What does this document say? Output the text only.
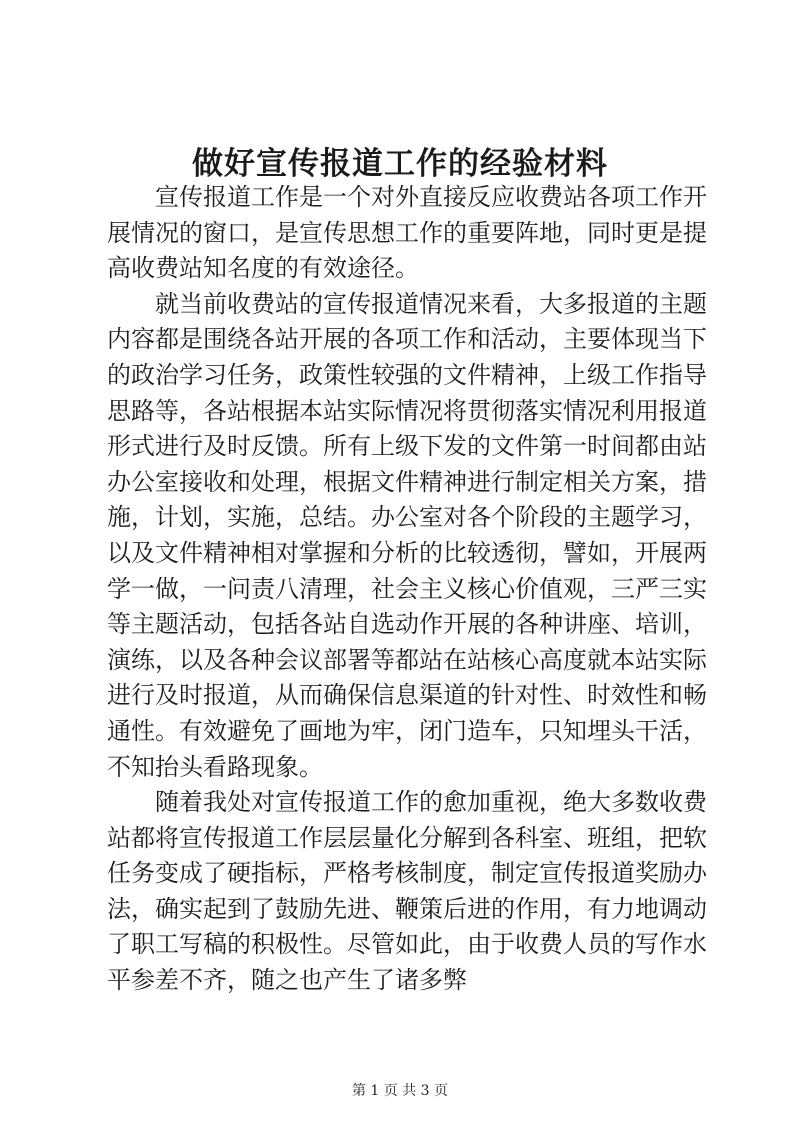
做好宣传报道工作的经验材料

宣传报道工作是一个对外直接反应收费站各项工作开展情况的窗口，是宣传思想工作的重要阵地，同时更是提高收费站知名度的有效途径。

就当前收费站的宣传报道情况来看，大多报道的主题内容都是围绕各站开展的各项工作和活动，主要体现当下的政治学习任务，政策性较强的文件精神，上级工作指导思路等，各站根据本站实际情况将贯彻落实情况利用报道形式进行及时反馈。所有上级下发的文件第一时间都由站办公室接收和处理，根据文件精神进行制定相关方案，措施，计划，实施，总结。办公室对各个阶段的主题学习，以及文件精神相对掌握和分析的比较透彻，譬如，开展两学一做，一问责八清理，社会主义核心价值观，三严三实等主题活动，包括各站自选动作开展的各种讲座、培训，演练，以及各种会议部署等都站在站核心高度就本站实际进行及时报道，从而确保信息渠道的针对性、时效性和畅通性。有效避免了画地为牢，闭门造车，只知埋头干活，不知抬头看路现象。

随着我处对宣传报道工作的愈加重视，绝大多数收费站都将宣传报道工作层层量化分解到各科室、班组，把软任务变成了硬指标，严格考核制度，制定宣传报道奖励办法，确实起到了鼓励先进、鞭策后进的作用，有力地调动了职工写稿的积极性。尽管如此，由于收费人员的写作水平参差不齐，随之也产生了诸多弊

第 1 页 共 3 页
